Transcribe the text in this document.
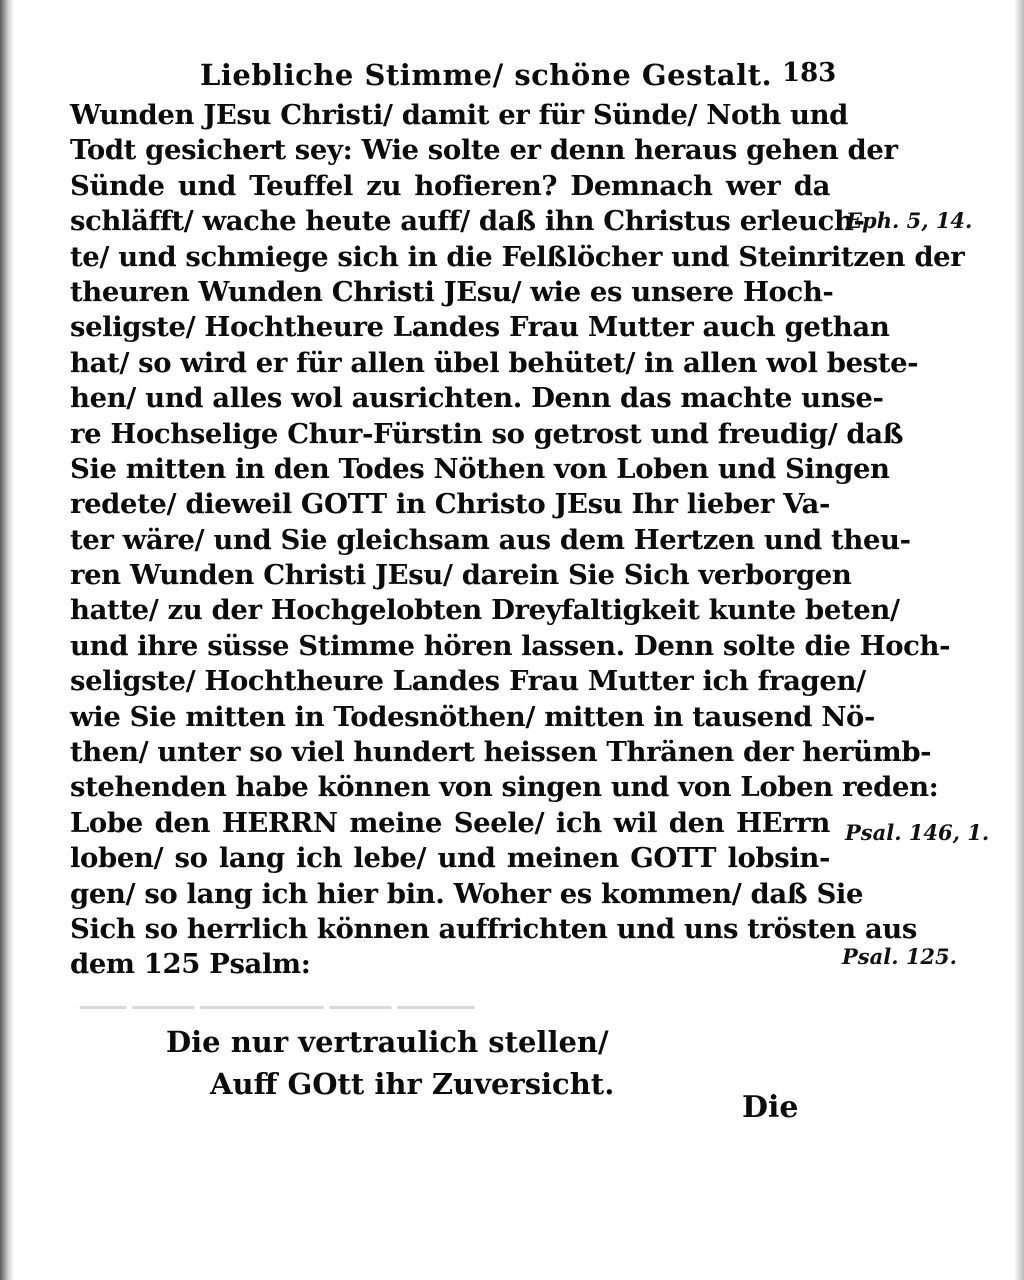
▁▁▁ ▁▁▁▁ ▁▁▁▁▁▁▁▁ ▁▁▁▁ ▁▁▁▁▁
Liebliche Stimme/ schöne Gestalt. 183
Wunden JEsu Christi/ damit er für Sünde/ Noth und
Todt gesichert sey: Wie solte er denn heraus gehen der
Sünde und Teuffel zu hofieren? Demnach wer da
schläfft/ wache heute auff/ daß ihn Christus erleuch-
te/ und schmiege sich in die Felßlöcher und Steinritzen der
theuren Wunden Christi JEsu/ wie es unsere Hoch-
seligste/ Hochtheure Landes Frau Mutter auch gethan
hat/ so wird er für allen übel behütet/ in allen wol beste-
hen/ und alles wol ausrichten. Denn das machte unse-
re Hochselige Chur-Fürstin so getrost und freudig/ daß
Sie mitten in den Todes Nöthen von Loben und Singen
redete/ dieweil GOTT in Christo JEsu Ihr lieber Va-
ter wäre/ und Sie gleichsam aus dem Hertzen und theu-
ren Wunden Christi JEsu/ darein Sie Sich verborgen
hatte/ zu der Hochgelobten Dreyfaltigkeit kunte beten/
und ihre süsse Stimme hören lassen. Denn solte die Hoch-
seligste/ Hochtheure Landes Frau Mutter ich fragen/
wie Sie mitten in Todesnöthen/ mitten in tausend Nö-
then/ unter so viel hundert heissen Thränen der herümb-
stehenden habe können von singen und von Loben reden:
Lobe den HERRN meine Seele/ ich wil den HErrn
loben/ so lang ich lebe/ und meinen GOTT lobsin-
gen/ so lang ich hier bin. Woher es kommen/ daß Sie
Sich so herrlich können auffrichten und uns trösten aus
dem 125 Psalm:
Die nur vertraulich stellen/
Auff GOtt ihr Zuversicht.
Eph. 5, 14.
Psal. 146, 1.
Psal. 125.
Die
